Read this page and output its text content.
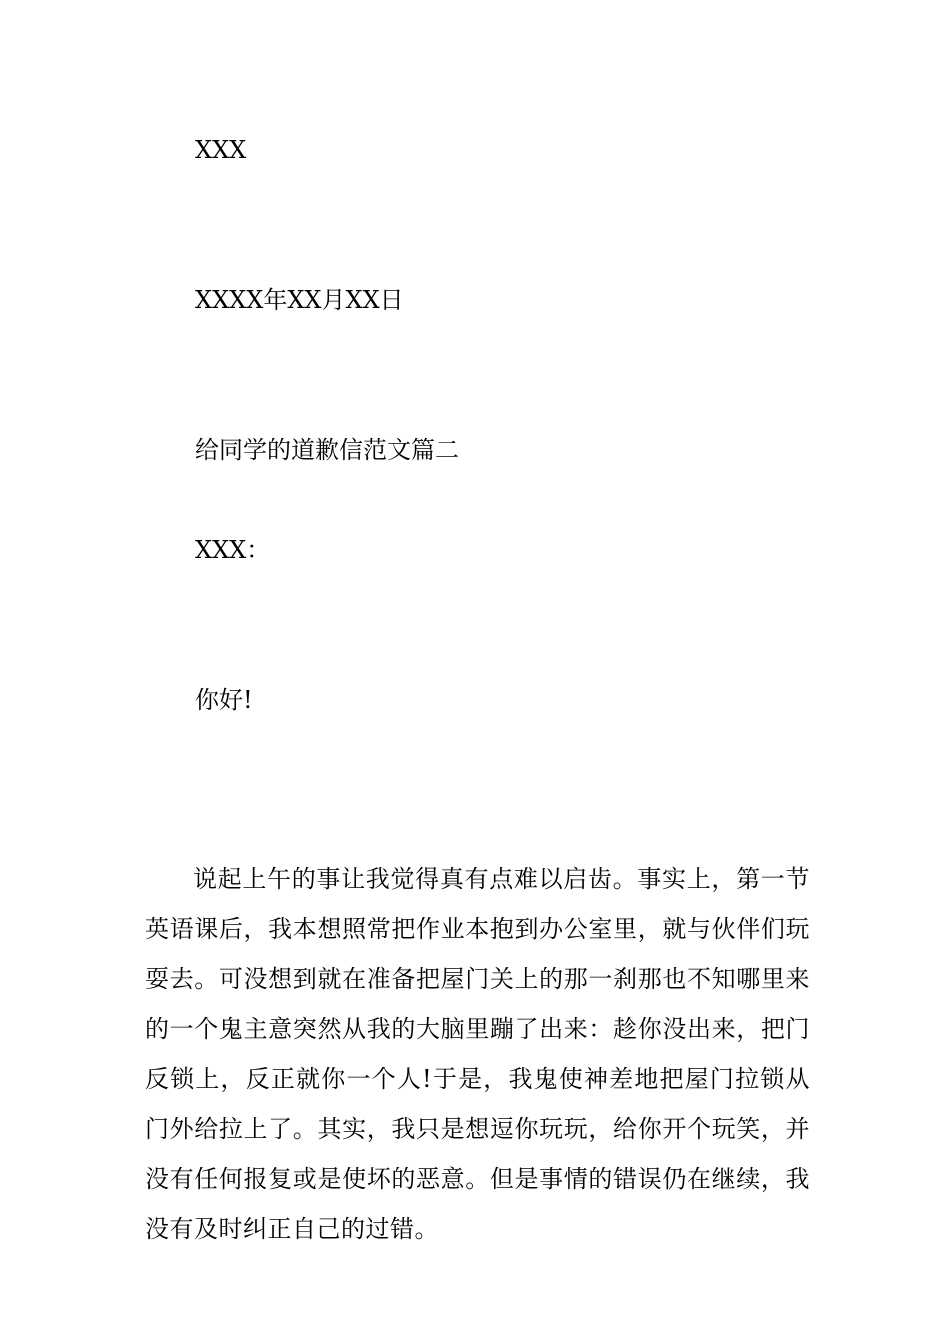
XXX
XXXX年XX月XX日
给同学的道歉信范文篇二
XXX：
你好!

说起上午的事让我觉得真有点难以启齿。事实上，第一节英语课后，我本想照常把作业本抱到办公室里，就与伙伴们玩耍去。可没想到就在准备把屋门关上的那一刹那也不知哪里来的一个鬼主意突然从我的大脑里蹦了出来：趁你没出来，把门反锁上，反正就你一个人!于是，我鬼使神差地把屋门拉锁从门外给拉上了。其实，我只是想逗你玩玩，给你开个玩笑，并没有任何报复或是使坏的恶意。但是事情的错误仍在继续，我没有及时纠正自己的过错。
